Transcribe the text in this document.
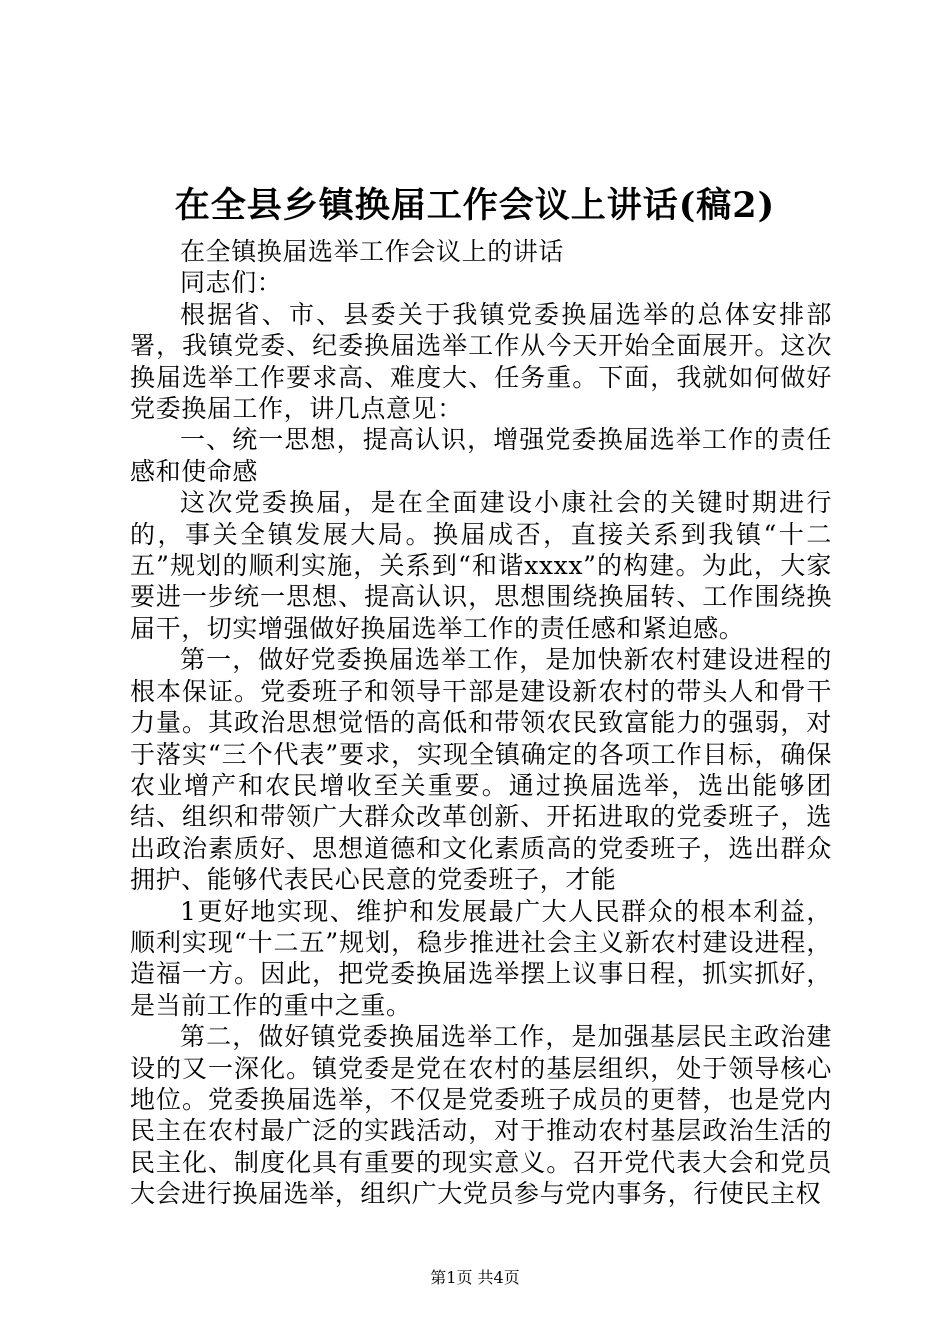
在全县乡镇换届工作会议上讲话(稿2)

在全镇换届选举工作会议上的讲话

同志们：

根据省、市、县委关于我镇党委换届选举的总体安排部署，我镇党委、纪委换届选举工作从今天开始全面展开。这次换届选举工作要求高、难度大、任务重。下面，我就如何做好党委换届工作，讲几点意见：

一、统一思想，提高认识，增强党委换届选举工作的责任感和使命感

这次党委换届，是在全面建设小康社会的关键时期进行的，事关全镇发展大局。换届成否，直接关系到我镇“十二五”规划的顺利实施，关系到“和谐xxxx”的构建。为此，大家要进一步统一思想、提高认识，思想围绕换届转、工作围绕换届干，切实增强做好换届选举工作的责任感和紧迫感。

第一，做好党委换届选举工作，是加快新农村建设进程的根本保证。党委班子和领导干部是建设新农村的带头人和骨干力量。其政治思想觉悟的高低和带领农民致富能力的强弱，对于落实“三个代表”要求，实现全镇确定的各项工作目标，确保农业增产和农民增收至关重要。通过换届选举，选出能够团结、组织和带领广大群众改革创新、开拓进取的党委班子，选出政治素质好、思想道德和文化素质高的党委班子，选出群众拥护、能够代表民心民意的党委班子，才能

1更好地实现、维护和发展最广大人民群众的根本利益，顺利实现“十二五”规划，稳步推进社会主义新农村建设进程，造福一方。因此，把党委换届选举摆上议事日程，抓实抓好，是当前工作的重中之重。

第二，做好镇党委换届选举工作，是加强基层民主政治建设的又一深化。镇党委是党在农村的基层组织，处于领导核心地位。党委换届选举，不仅是党委班子成员的更替，也是党内民主在农村最广泛的实践活动，对于推动农村基层政治生活的民主化、制度化具有重要的现实意义。召开党代表大会和党员大会进行换届选举，组织广大党员参与党内事务，行使民主权

第1页 共4页
